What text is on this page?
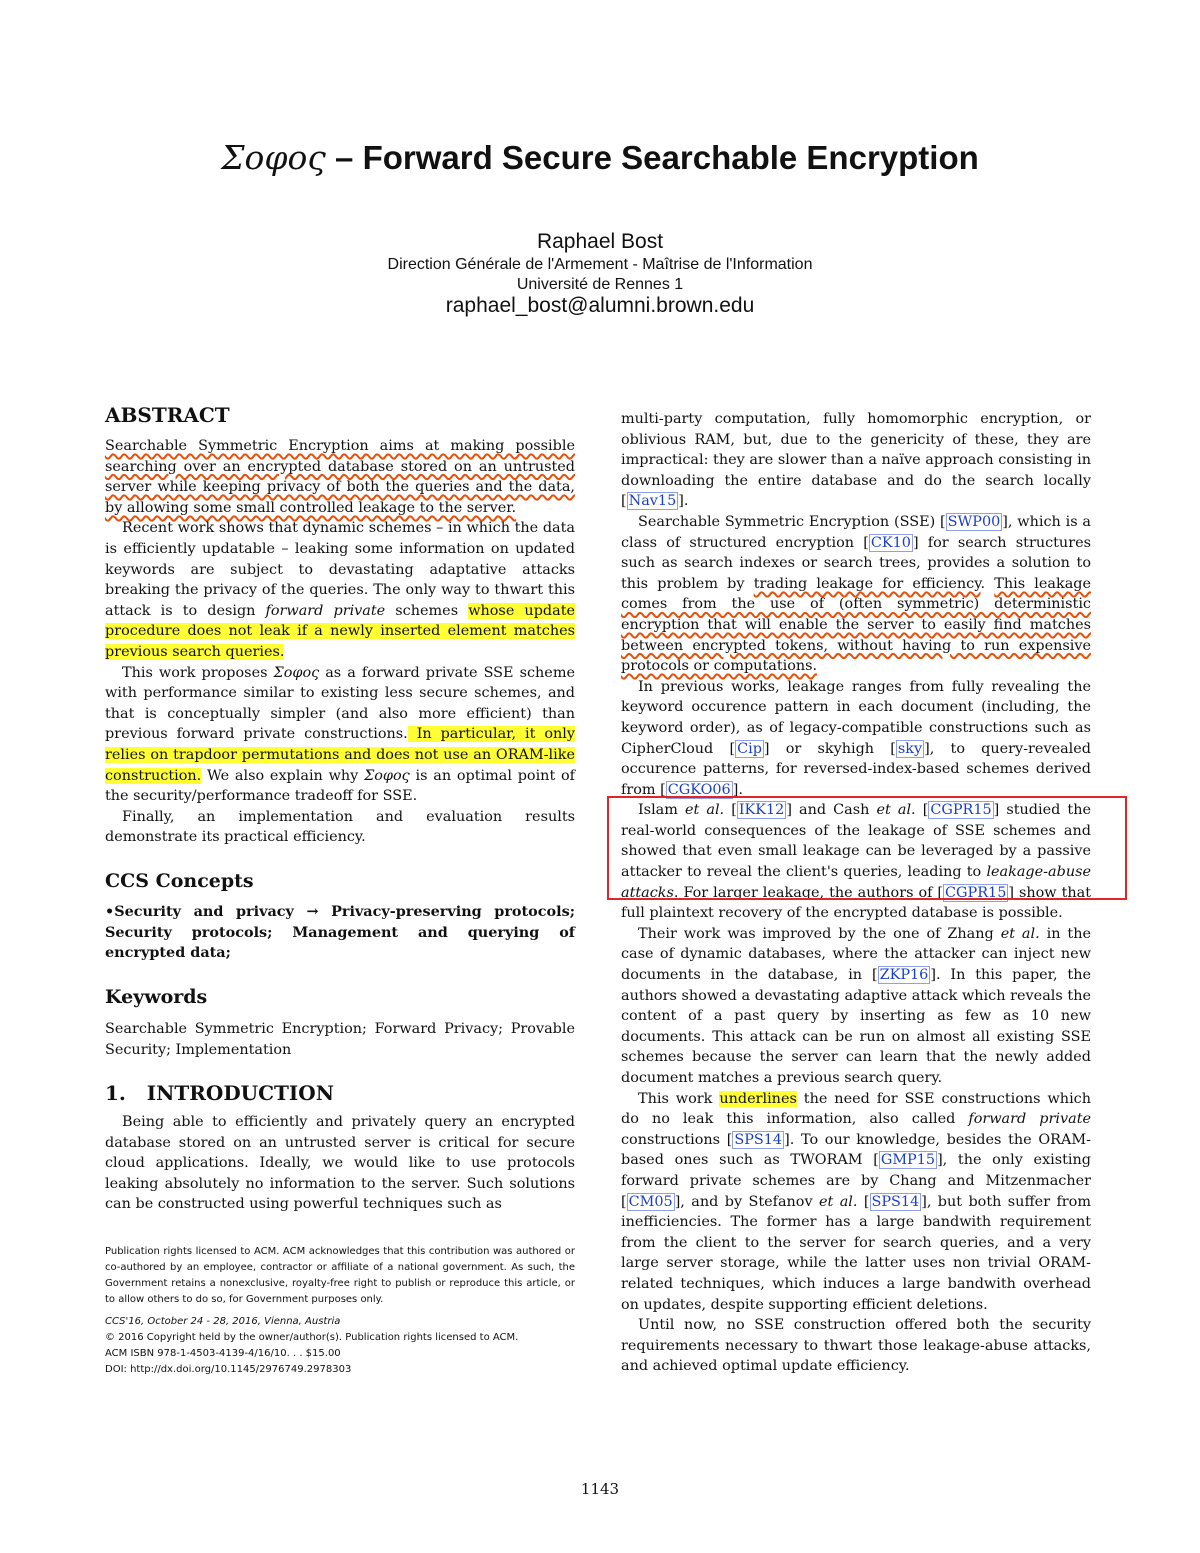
Σοφος – Forward Secure Searchable Encryption
Raphael Bost
Direction Générale de l'Armement - Maîtrise de l'Information
Université de Rennes 1
raphael_bost@alumni.brown.edu
ABSTRACT

Searchable Symmetric Encryption aims at making possible searching over an encrypted database stored on an untrusted server while keeping privacy of both the queries and the data, by allowing some small controlled leakage to the server.

Recent work shows that dynamic schemes – in which the data is efficiently updatable – leaking some information on updated keywords are subject to devastating adaptative attacks breaking the privacy of the queries. The only way to thwart this attack is to design forward private schemes whose update procedure does not leak if a newly inserted element matches previous search queries.

This work proposes Σοφος as a forward private SSE scheme with performance similar to existing less secure schemes, and that is conceptually simpler (and also more efficient) than previous forward private constructions. In particular, it only relies on trapdoor permutations and does not use an ORAM-like construction. We also explain why Σοφος is an optimal point of the security/performance tradeoff for SSE.

Finally, an implementation and evaluation results demonstrate its practical efficiency.

CCS Concepts
•Security and privacy → Privacy-preserving protocols; Security protocols; Management and querying of encrypted data;
Keywords

Searchable Symmetric Encryption; Forward Privacy; Provable Security; Implementation

1.   INTRODUCTION

Being able to efficiently and privately query an encrypted database stored on an untrusted server is critical for secure cloud applications. Ideally, we would like to use protocols leaking absolutely no information to the server. Such solutions can be constructed using powerful techniques such as

Publication rights licensed to ACM. ACM acknowledges that this contribution was authored or co-authored by an employee, contractor or affiliate of a national government. As such, the Government retains a nonexclusive, royalty-free right to publish or reproduce this article, or to allow others to do so, for Government purposes only.

CCS'16, October 24 - 28, 2016, Vienna, Austria

© 2016 Copyright held by the owner/author(s). Publication rights licensed to ACM.

ACM ISBN 978-1-4503-4139-4/16/10. . . $15.00

DOI: http://dx.doi.org/10.1145/2976749.2978303

multi-party computation, fully homomorphic encryption, or oblivious RAM, but, due to the genericity of these, they are impractical: they are slower than a naïve approach consisting in downloading the entire database and do the search locally [ Nav15 ].

Searchable Symmetric Encryption (SSE) [ SWP00 ], which is a class of structured encryption [ CK10 ] for search structures such as search indexes or search trees, provides a solution to this problem by trading leakage for efficiency. This leakage comes from the use of (often symmetric) deterministic encryption that will enable the server to easily find matches between encrypted tokens, without having to run expensive protocols or computations.

In previous works, leakage ranges from fully revealing the keyword occurence pattern in each document (including, the keyword order), as of legacy-compatible constructions such as CipherCloud [ Cip ] or skyhigh [ sky ], to query-revealed occurence patterns, for reversed-index-based schemes derived from [ CGKO06 ].

Islam et al. [ IKK12 ] and Cash et al. [ CGPR15 ] studied the real-world consequences of the leakage of SSE schemes and showed that even small leakage can be leveraged by a passive attacker to reveal the client's queries, leading to leakage-abuse attacks. For larger leakage, the authors of [ CGPR15 ] show that full plaintext recovery of the encrypted database is possible.

Their work was improved by the one of Zhang et al. in the case of dynamic databases, where the attacker can inject new documents in the database, in [ ZKP16 ]. In this paper, the authors showed a devastating adaptive attack which reveals the content of a past query by inserting as few as 10 new documents. This attack can be run on almost all existing SSE schemes because the server can learn that the newly added document matches a previous search query.

This work underlines the need for SSE constructions which do no leak this information, also called forward private constructions [ SPS14 ]. To our knowledge, besides the ORAM-based ones such as TWORAM [ GMP15 ], the only existing forward private schemes are by Chang and Mitzenmacher [ CM05 ], and by Stefanov et al. [ SPS14 ], but both suffer from inefficiencies. The former has a large bandwith requirement from the client to the server for search queries, and a very large server storage, while the latter uses non trivial ORAM-related techniques, which induces a large bandwith overhead on updates, despite supporting efficient deletions.

Until now, no SSE construction offered both the security requirements necessary to thwart those leakage-abuse attacks, and achieved optimal update efficiency.

1143
